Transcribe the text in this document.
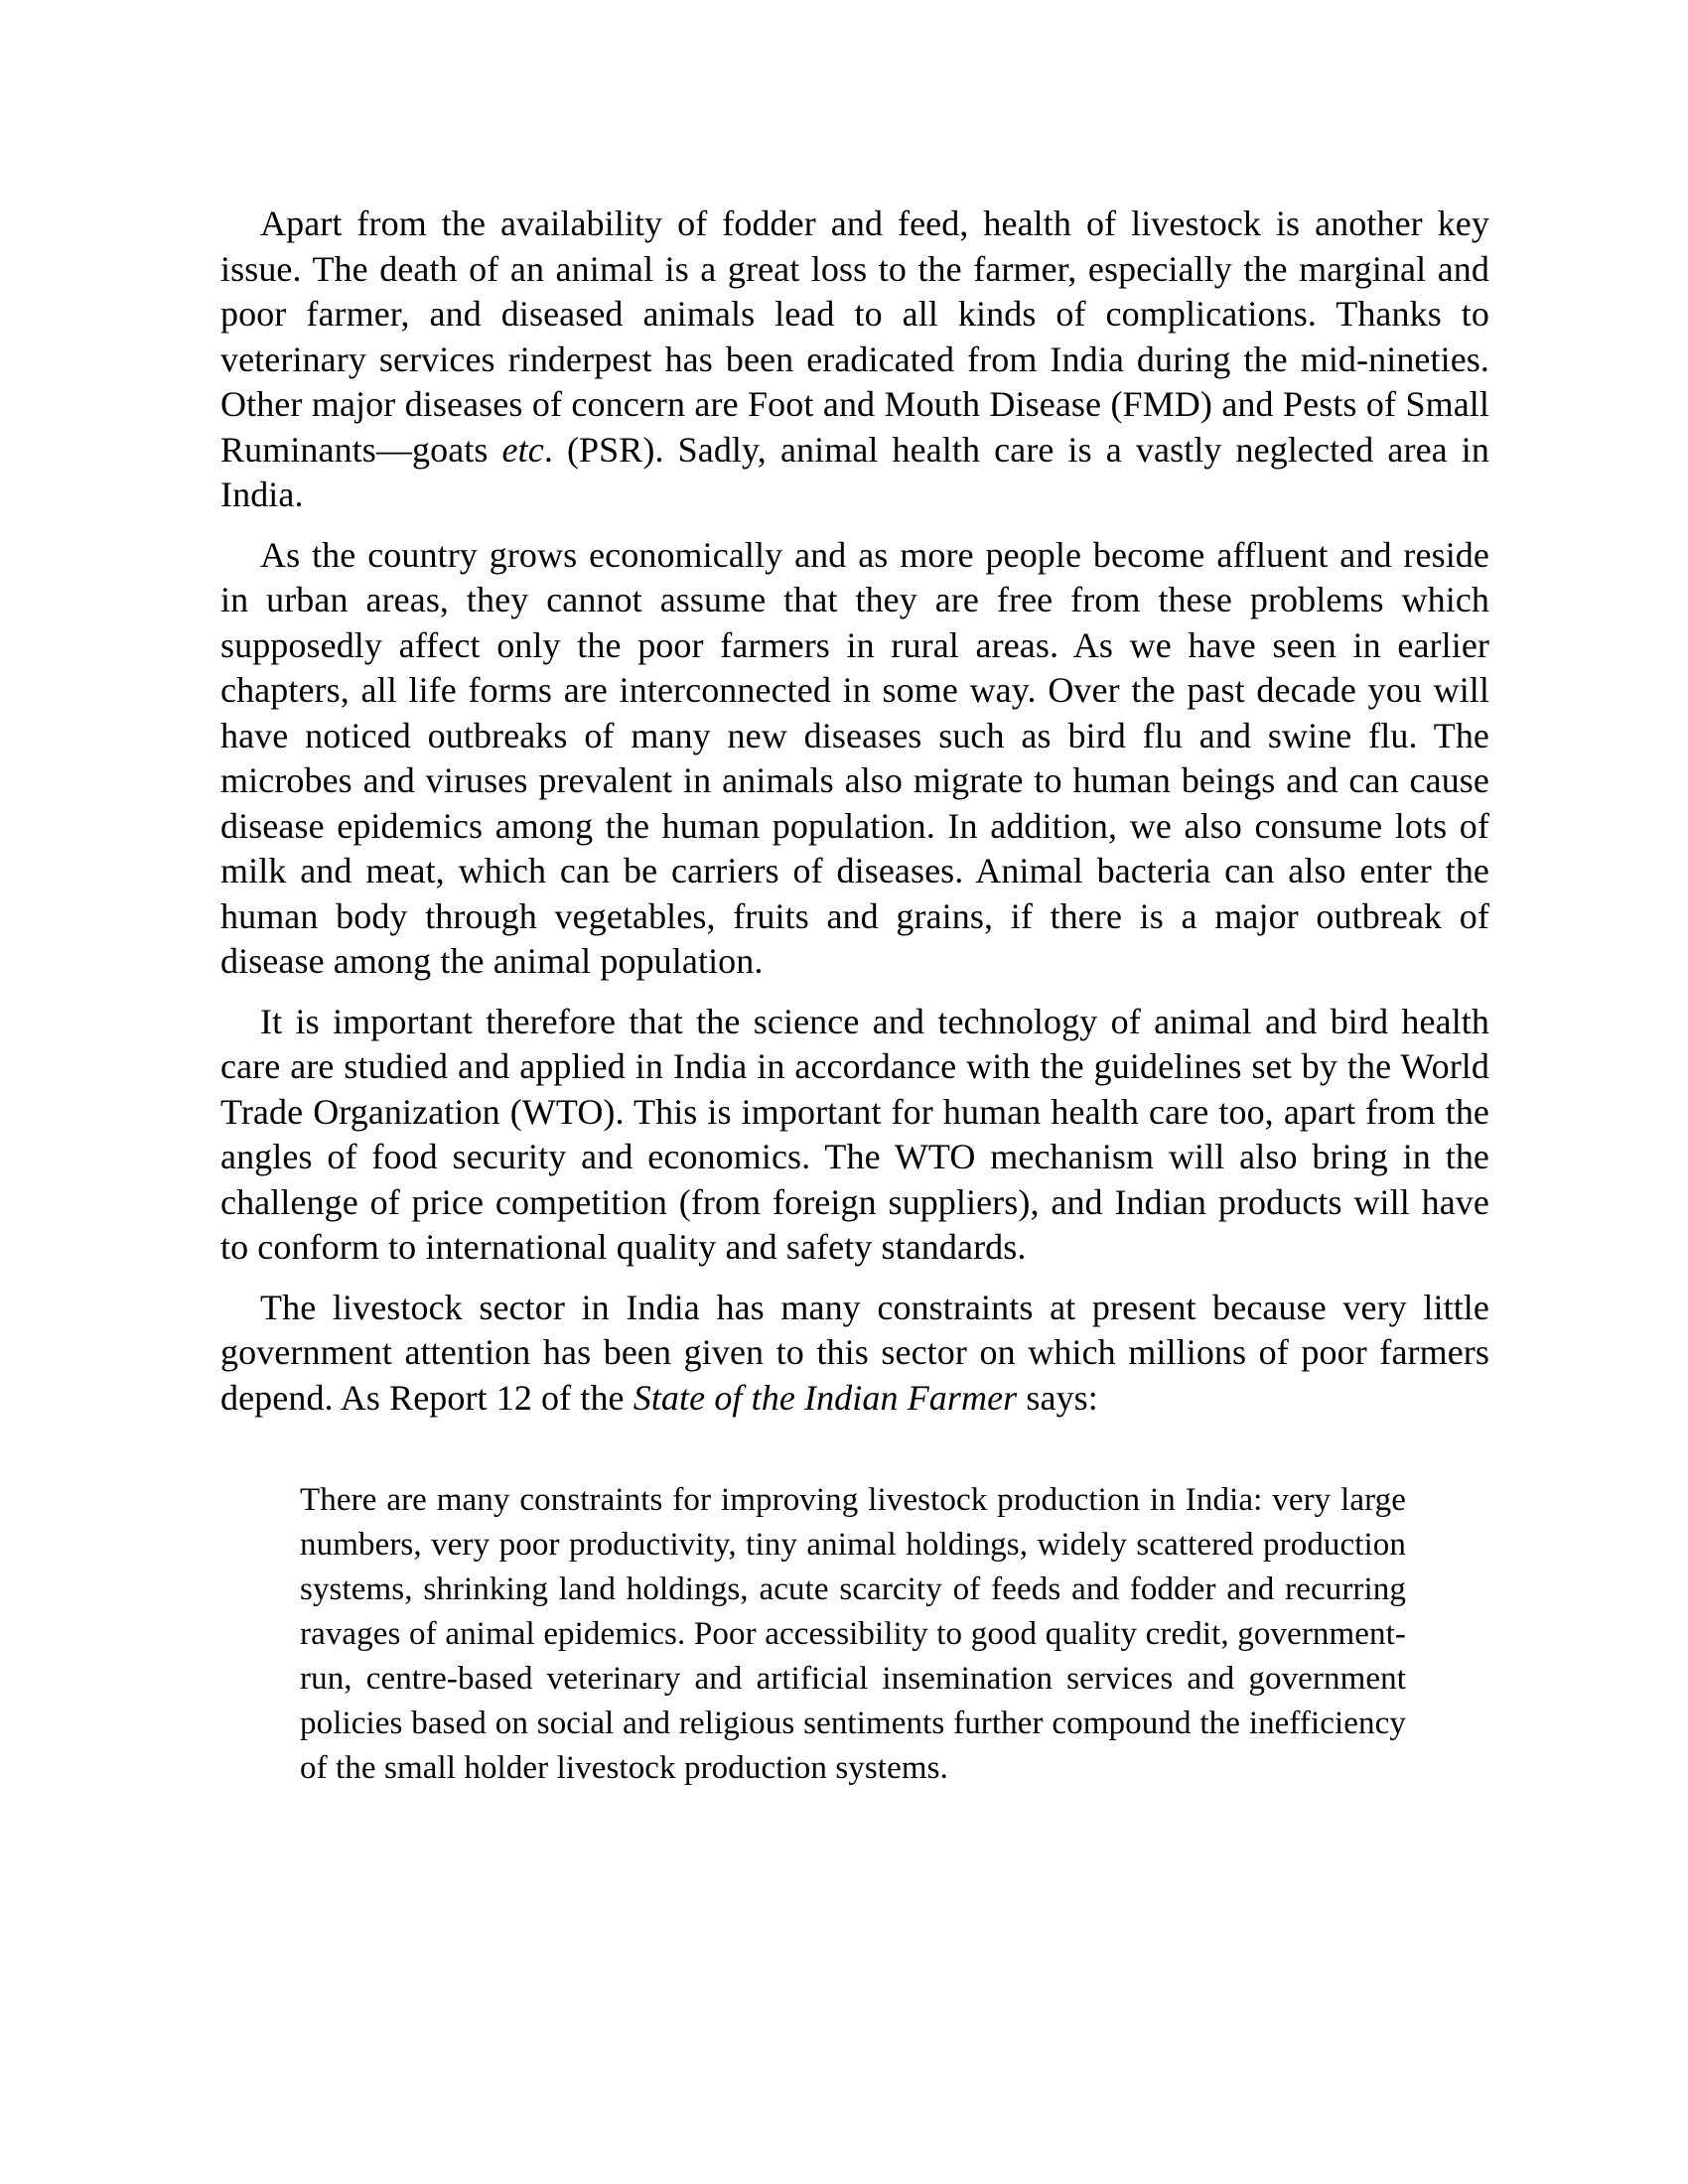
Apart from the availability of fodder and feed, health of livestock is another key issue. The death of an animal is a great loss to the farmer, especially the marginal and poor farmer, and diseased animals lead to all kinds of complications. Thanks to veterinary services rinderpest has been eradicated from India during the mid-nineties. Other major diseases of concern are Foot and Mouth Disease (FMD) and Pests of Small Ruminants—goats etc. (PSR). Sadly, animal health care is a vastly neglected area in India.

As the country grows economically and as more people become affluent and reside in urban areas, they cannot assume that they are free from these problems which supposedly affect only the poor farmers in rural areas. As we have seen in earlier chapters, all life forms are interconnected in some way. Over the past decade you will have noticed outbreaks of many new diseases such as bird flu and swine flu. The microbes and viruses prevalent in animals also migrate to human beings and can cause disease epidemics among the human population. In addition, we also consume lots of milk and meat, which can be carriers of diseases. Animal bacteria can also enter the human body through vegetables, fruits and grains, if there is a major outbreak of disease among the animal population.

It is important therefore that the science and technology of animal and bird health care are studied and applied in India in accordance with the guidelines set by the World Trade Organization (WTO). This is important for human health care too, apart from the angles of food security and economics. The WTO mechanism will also bring in the challenge of price competition (from foreign suppliers), and Indian products will have to conform to international quality and safety standards.

The livestock sector in India has many constraints at present because very little government attention has been given to this sector on which millions of poor farmers depend. As Report 12 of the State of the Indian Farmer says:

There are many constraints for improving livestock production in India: very large numbers, very poor productivity, tiny animal holdings, widely scattered production systems, shrinking land holdings, acute scarcity of feeds and fodder and recurring ravages of animal epidemics. Poor accessibility to good quality credit, government-run, centre-based veterinary and artificial insemination services and government policies based on social and religious sentiments further compound the inefficiency of the small holder livestock production systems.
